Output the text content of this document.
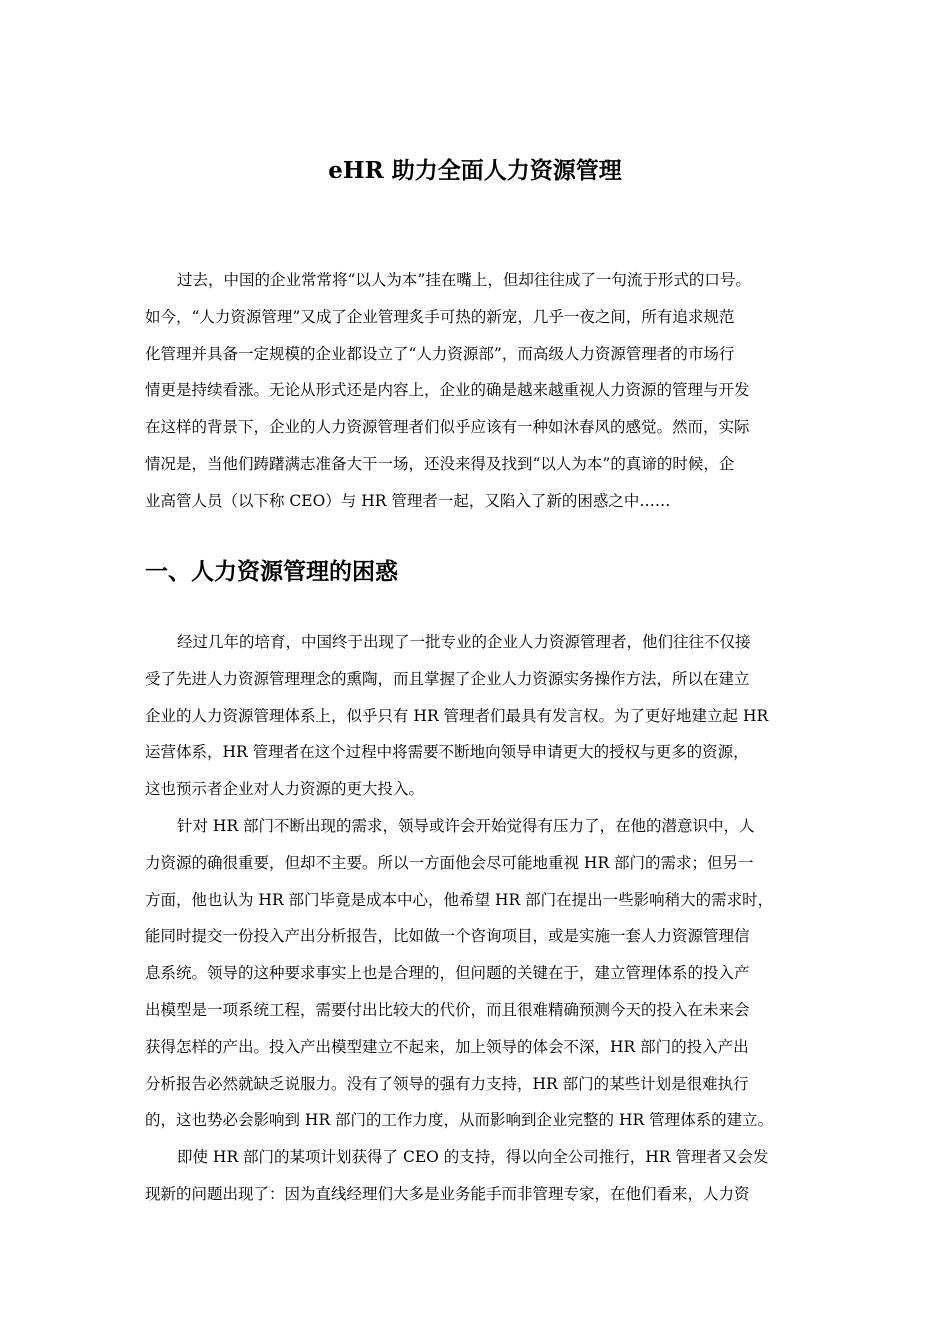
eHR 助力全面人力资源管理
过去，中国的企业常常将“以人为本”挂在嘴上，但却往往成了一句流于形式的口号。
如今，“人力资源管理”又成了企业管理炙手可热的新宠，几乎一夜之间，所有追求规范
化管理并具备一定规模的企业都设立了“人力资源部”，而高级人力资源管理者的市场行
情更是持续看涨。无论从形式还是内容上，企业的确是越来越重视人力资源的管理与开发
在这样的背景下，企业的人力资源管理者们似乎应该有一种如沐春风的感觉。然而，实际
情况是，当他们踌躇满志准备大干一场，还没来得及找到“以人为本”的真谛的时候，企
业高管人员（以下称 CEO）与 HR 管理者一起，又陷入了新的困惑之中……
一、人力资源管理的困惑
经过几年的培育，中国终于出现了一批专业的企业人力资源管理者，他们往往不仅接
受了先进人力资源管理理念的熏陶，而且掌握了企业人力资源实务操作方法，所以在建立
企业的人力资源管理体系上，似乎只有 HR 管理者们最具有发言权。为了更好地建立起 HR
运营体系，HR 管理者在这个过程中将需要不断地向领导申请更大的授权与更多的资源，
这也预示者企业对人力资源的更大投入。
针对 HR 部门不断出现的需求，领导或许会开始觉得有压力了，在他的潜意识中，人
力资源的确很重要，但却不主要。所以一方面他会尽可能地重视 HR 部门的需求；但另一
方面，他也认为 HR 部门毕竟是成本中心，他希望 HR 部门在提出一些影响稍大的需求时，
能同时提交一份投入产出分析报告，比如做一个咨询项目，或是实施一套人力资源管理信
息系统。领导的这种要求事实上也是合理的，但问题的关键在于，建立管理体系的投入产
出模型是一项系统工程，需要付出比较大的代价，而且很难精确预测今天的投入在未来会
获得怎样的产出。投入产出模型建立不起来，加上领导的体会不深，HR 部门的投入产出
分析报告必然就缺乏说服力。没有了领导的强有力支持，HR 部门的某些计划是很难执行
的，这也势必会影响到 HR 部门的工作力度，从而影响到企业完整的 HR 管理体系的建立。
即使 HR 部门的某项计划获得了 CEO 的支持，得以向全公司推行，HR 管理者又会发
现新的问题出现了：因为直线经理们大多是业务能手而非管理专家，在他们看来，人力资
